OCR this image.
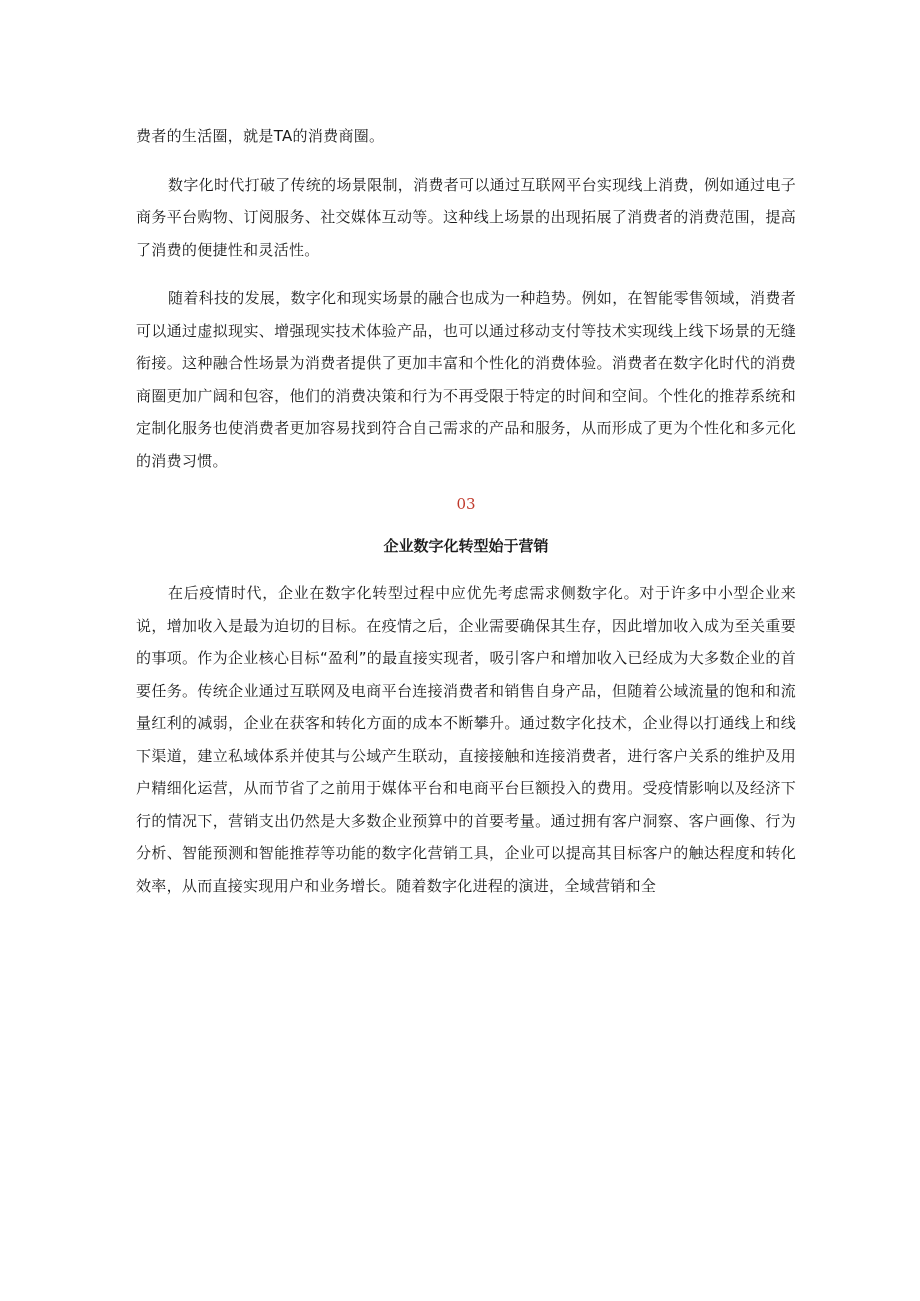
费者的生活圈，就是TA的消费商圈。

数字化时代打破了传统的场景限制，消费者可以通过互联网平台实现线上消费，例如通过电子商务平台购物、订阅服务、社交媒体互动等。这种线上场景的出现拓展了消费者的消费范围，提高了消费的便捷性和灵活性。

随着科技的发展，数字化和现实场景的融合也成为一种趋势。例如，在智能零售领域，消费者可以通过虚拟现实、增强现实技术体验产品，也可以通过移动支付等技术实现线上线下场景的无缝衔接。这种融合性场景为消费者提供了更加丰富和个性化的消费体验。消费者在数字化时代的消费商圈更加广阔和包容，他们的消费决策和行为不再受限于特定的时间和空间。个性化的推荐系统和定制化服务也使消费者更加容易找到符合自己需求的产品和服务，从而形成了更为个性化和多元化的消费习惯。

03
企业数字化转型始于营销

在后疫情时代，企业在数字化转型过程中应优先考虑需求侧数字化。对于许多中小型企业来说，增加收入是最为迫切的目标。在疫情之后，企业需要确保其生存，因此增加收入成为至关重要的事项。作为企业核心目标“盈利”的最直接实现者，吸引客户和增加收入已经成为大多数企业的首要任务。传统企业通过互联网及电商平台连接消费者和销售自身产品，但随着公域流量的饱和和流量红利的减弱，企业在获客和转化方面的成本不断攀升。通过数字化技术，企业得以打通线上和线下渠道，建立私域体系并使其与公域产生联动，直接接触和连接消费者，进行客户关系的维护及用户精细化运营，从而节省了之前用于媒体平台和电商平台巨额投入的费用。受疫情影响以及经济下行的情况下，营销支出仍然是大多数企业预算中的首要考量。通过拥有客户洞察、客户画像、行为分析、智能预测和智能推荐等功能的数字化营销工具，企业可以提高其目标客户的触达程度和转化效率，从而直接实现用户和业务增长。随着数字化进程的演进，全域营销和全
